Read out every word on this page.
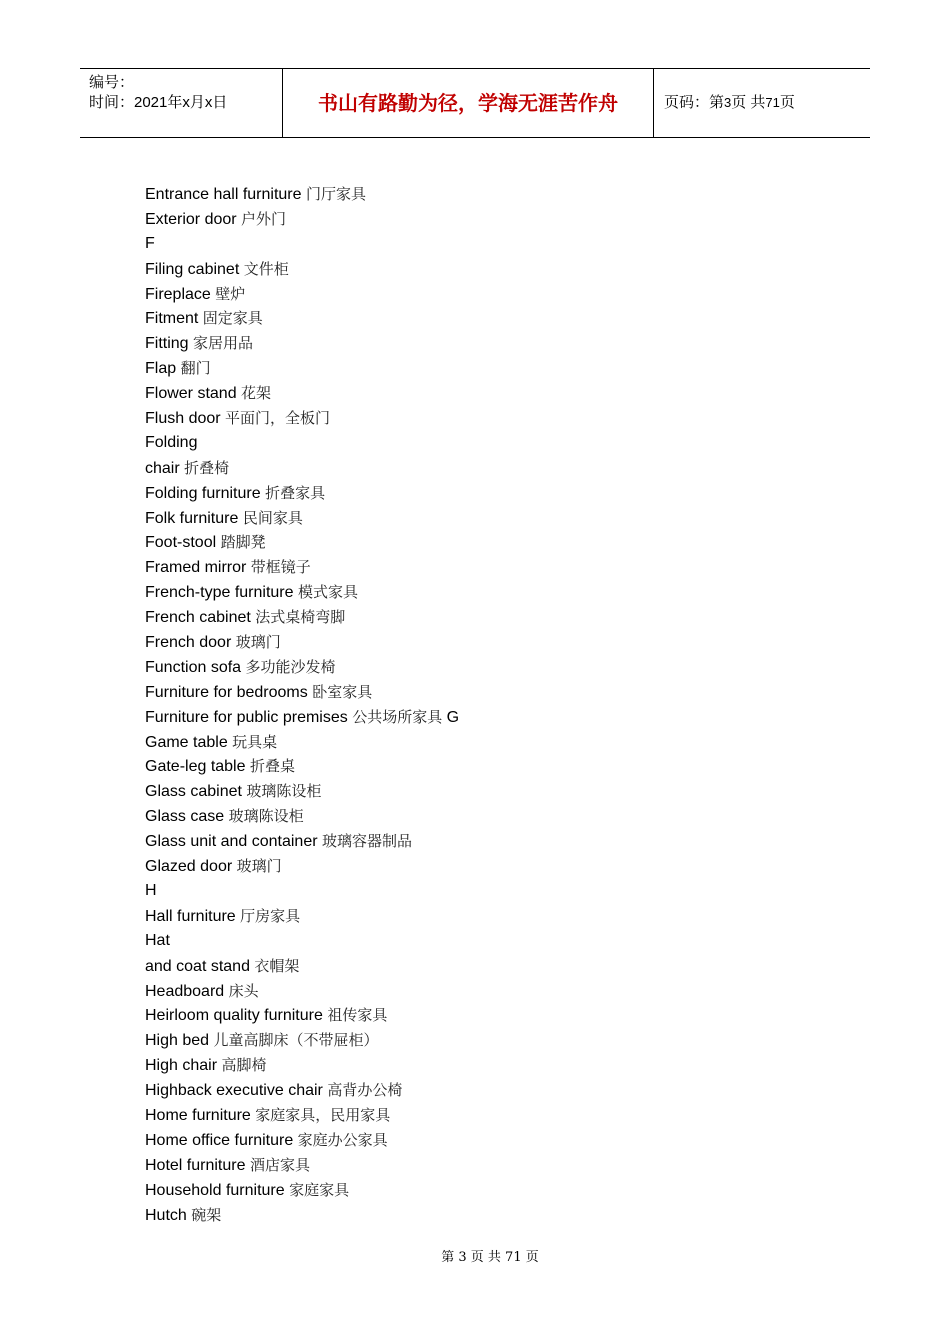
编号：
时间：2021年x月x日	书山有路勤为径，学海无涯苦作舟	页码：第3页 共71页
Entrance hall furniture 门厅家具
Exterior door 户外门
F
Filing cabinet 文件柜
Fireplace 壁炉
Fitment 固定家具
Fitting 家居用品
Flap 翻门
Flower stand 花架
Flush door 平面门，全板门
Folding
chair 折叠椅
Folding furniture 折叠家具
Folk furniture 民间家具
Foot-stool 踏脚凳
Framed mirror 带框镜子
French-type furniture 模式家具
French cabinet 法式桌椅弯脚
French door 玻璃门
Function sofa 多功能沙发椅
Furniture for bedrooms 卧室家具
Furniture for public premises 公共场所家具 G
Game table 玩具桌
Gate-leg table 折叠桌
Glass cabinet 玻璃陈设柜
Glass case 玻璃陈设柜
Glass unit and container 玻璃容器制品
Glazed door 玻璃门
H
Hall furniture 厅房家具
Hat
and coat stand 衣帽架
Headboard 床头
Heirloom quality furniture 祖传家具
High bed 儿童高脚床（不带屉柜）
High chair 高脚椅
Highback executive chair 高背办公椅
Home furniture 家庭家具，民用家具
Home office furniture 家庭办公家具
Hotel furniture 酒店家具
Household furniture 家庭家具
Hutch 碗架
第 3 页 共 71 页
